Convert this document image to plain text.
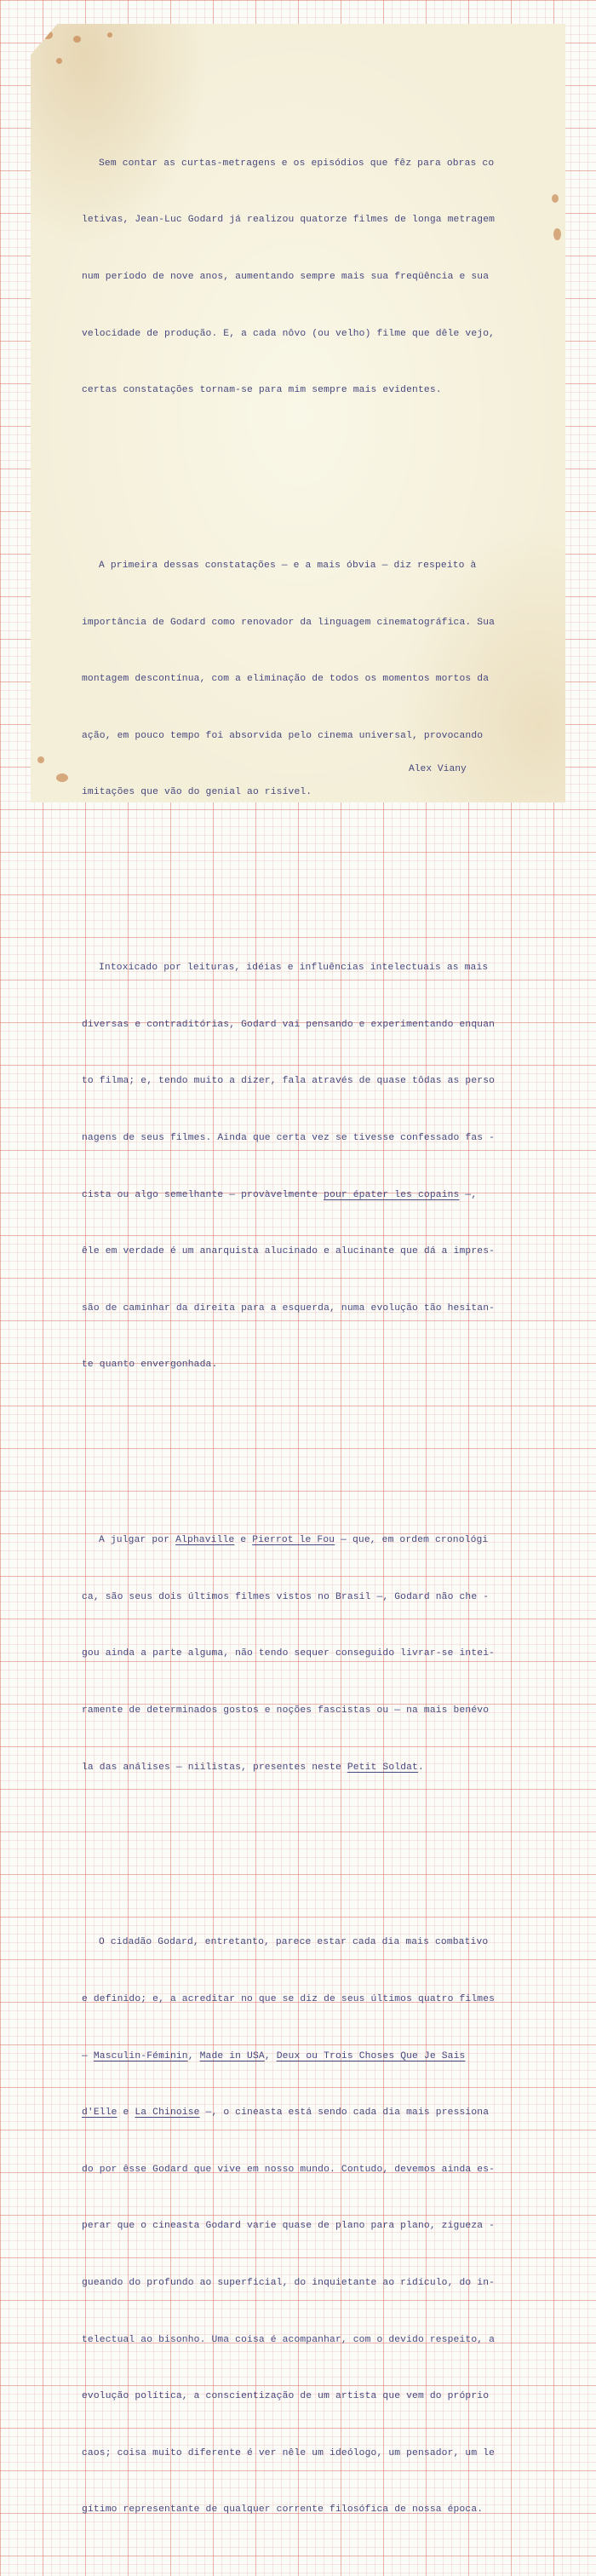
Sem contar as curtas-metragens e os episódios que fêz para obras co

letivas, Jean-Luc Godard já realizou quatorze filmes de longa metragem

num período de nove anos, aumentando sempre mais sua freqüência e sua

velocidade de produção. E, a cada nôvo (ou velho) filme que dêle vejo,

certas constatações tornam-se para mim sempre mais evidentes.

A primeira dessas constatações — e a mais óbvia — diz respeito à

importância de Godard como renovador da linguagem cinematográfica. Sua

montagem descontínua, com a eliminação de todos os momentos mortos da

ação, em pouco tempo foi absorvida pelo cinema universal, provocando

imitações que vão do genial ao risível.

Intoxicado por leituras, idéias e influências intelectuais as mais

diversas e contraditórias, Godard vai pensando e experimentando enquan

to filma; e, tendo muito a dizer, fala através de quase tôdas as perso

nagens de seus filmes. Ainda que certa vez se tivesse confessado fas -

cista ou algo semelhante — provàvelmente pour épater les copains —,

êle em verdade é um anarquista alucinado e alucinante que dá a impres-

são de caminhar da direita para a esquerda, numa evolução tão hesitan-

te quanto envergonhada.

A julgar por Alphaville e Pierrot le Fou — que, em ordem cronológi

ca, são seus dois últimos filmes vistos no Brasil —, Godard não che -

gou ainda a parte alguma, não tendo sequer conseguido livrar-se intei-

ramente de determinados gostos e noções fascistas ou — na mais benévo

la das análises — niilistas, presentes neste Petit Soldat.

O cidadão Godard, entretanto, parece estar cada dia mais combativo

e definido; e, a acreditar no que se diz de seus últimos quatro filmes

— Masculin-Féminin, Made in USA, Deux ou Trois Choses Que Je Sais

d'Elle e La Chinoise —, o cineasta está sendo cada dia mais pressiona

do por êsse Godard que vive em nosso mundo. Contudo, devemos ainda es-

perar que o cineasta Godard varie quase de plano para plano, zigueza -

gueando do profundo ao superficial, do inquietante ao ridículo, do in-

telectual ao bisonho. Uma coisa é acompanhar, com o devido respeito, a

evolução política, a conscientização de um artista que vem do próprio

caos; coisa muito diferente é ver nêle um ideólogo, um pensador, um le

gítimo representante de qualquer corrente filosófica de nossa época.

Alex Viany
